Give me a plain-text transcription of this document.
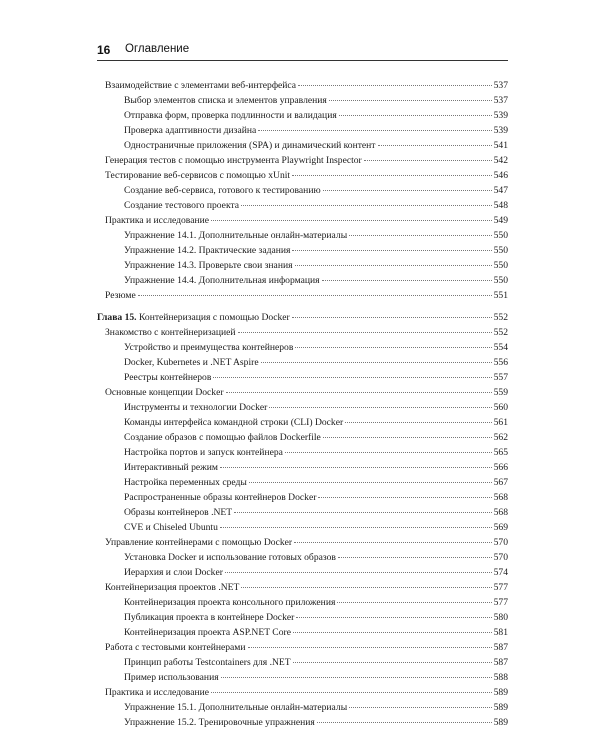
16 Оглавление
Взаимодействие с элементами веб-интерфейса	537
Выбор элементов списка и элементов управления	537
Отправка форм, проверка подлинности и валидация	539
Проверка адаптивности дизайна	539
Одностраничные приложения (SPA) и динамический контент	541
Генерация тестов с помощью инструмента Playwright Inspector	542
Тестирование веб-сервисов с помощью xUnit	546
Создание веб-сервиса, готового к тестированию	547
Создание тестового проекта	548
Практика и исследование	549
Упражнение 14.1. Дополнительные онлайн-материалы	550
Упражнение 14.2. Практические задания	550
Упражнение 14.3. Проверьте свои знания	550
Упражнение 14.4. Дополнительная информация	550
Резюме	551
Глава 15. Контейнеризация с помощью Docker	552
Знакомство с контейнеризацией	552
Устройство и преимущества контейнеров	554
Docker, Kubernetes и .NET Aspire	556
Реестры контейнеров	557
Основные концепции Docker	559
Инструменты и технологии Docker	560
Команды интерфейса командной строки (CLI) Docker	561
Создание образов с помощью файлов Dockerfile	562
Настройка портов и запуск контейнера	565
Интерактивный режим	566
Настройка переменных среды	567
Распространенные образы контейнеров Docker	568
Образы контейнеров .NET	568
CVE и Chiseled Ubuntu	569
Управление контейнерами с помощью Docker	570
Установка Docker и использование готовых образов	570
Иерархия и слои Docker	574
Контейнеризация проектов .NET	577
Контейнеризация проекта консольного приложения	577
Публикация проекта в контейнере Docker	580
Контейнеризация проекта ASP.NET Core	581
Работа с тестовыми контейнерами	587
Принцип работы Testcontainers для .NET	587
Пример использования	588
Практика и исследование	589
Упражнение 15.1. Дополнительные онлайн-материалы	589
Упражнение 15.2. Тренировочные упражнения	589
